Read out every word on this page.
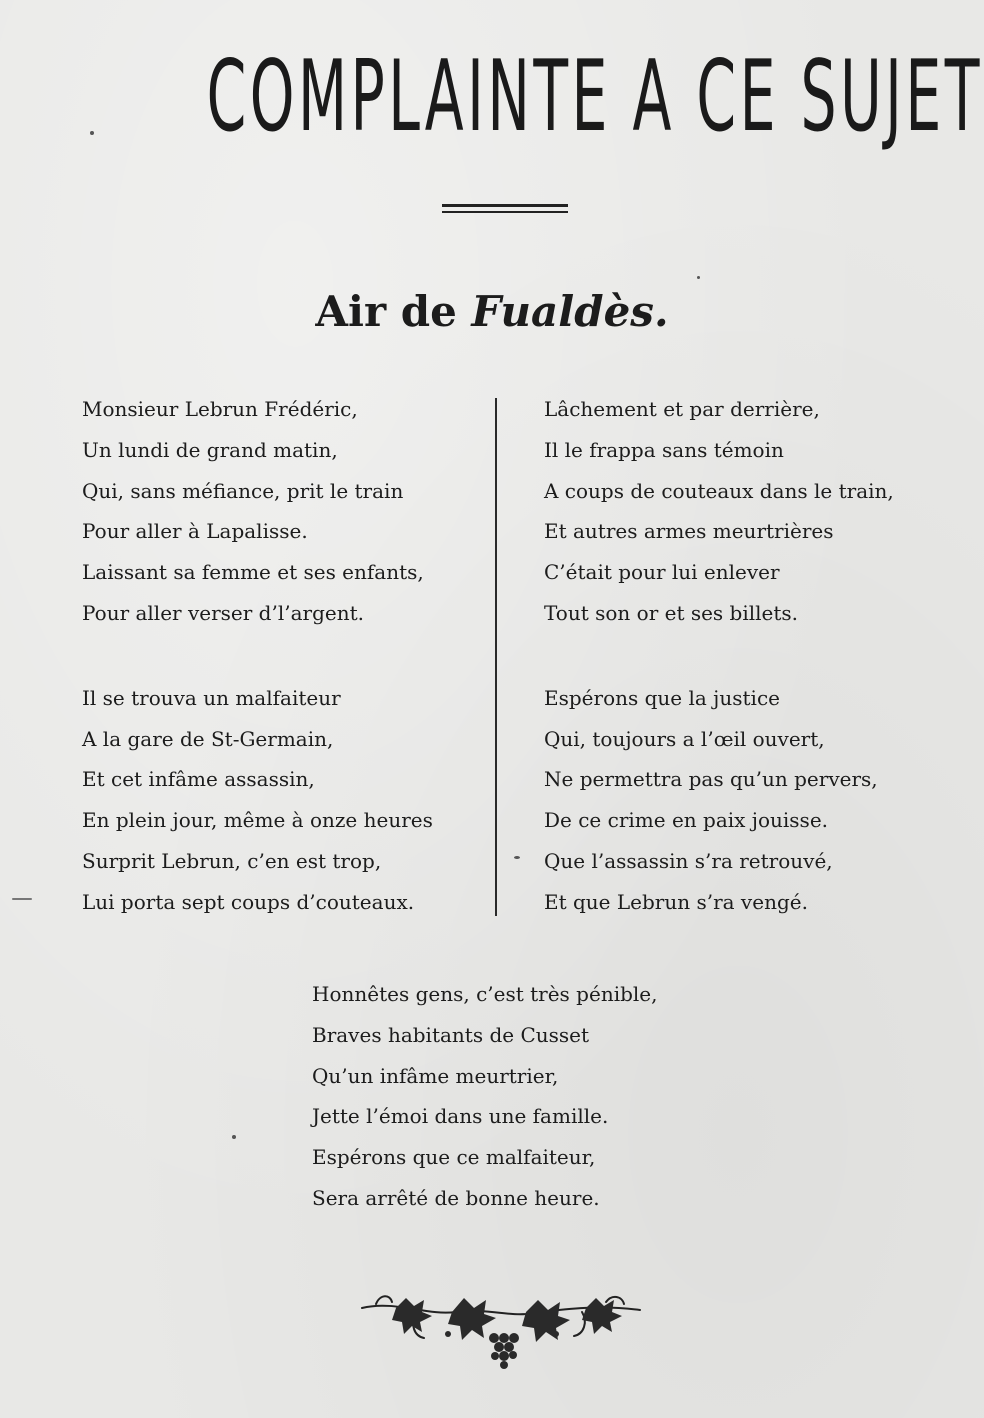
COMPLAINTE A CE SUJET
Air de Fualdès.
Monsieur Lebrun Frédéric,
Un lundi de grand matin,
Qui, sans méfiance, prit le train
Pour aller à Lapalisse.
Laissant sa femme et ses enfants,
Pour aller verser d’l’argent.
Il se trouva un malfaiteur
A la gare de St-Germain,
Et cet infâme assassin,
En plein jour, même à onze heures
Surprit Lebrun, c’en est trop,
Lui porta sept coups d’couteaux.
Lâchement et par derrière,
Il le frappa sans témoin
A coups de couteaux dans le train,
Et autres armes meurtrières
C’était pour lui enlever
Tout son or et ses billets.
Espérons que la justice
Qui, toujours a l’œil ouvert,
Ne permettra pas qu’un pervers,
De ce crime en paix jouisse.
Que l’assassin s’ra retrouvé,
Et que Lebrun s’ra vengé.
Honnêtes gens, c’est très pénible,
Braves habitants de Cusset
Qu’un infâme meurtrier,
Jette l’émoi dans une famille.
Espérons que ce malfaiteur,
Sera arrêté de bonne heure.
